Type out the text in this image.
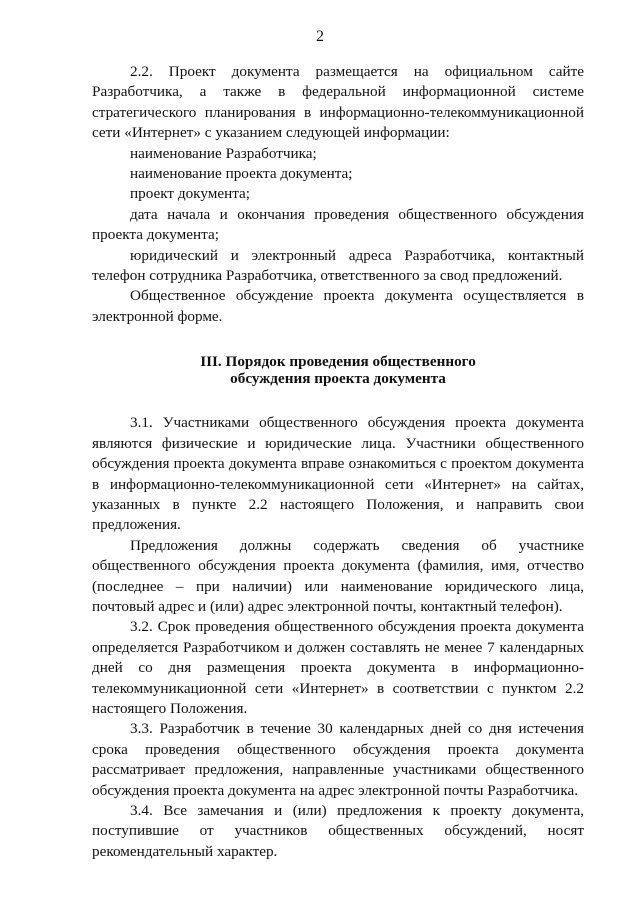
2

2.2. Проект документа размещается на официальном сайте Разработчика, а также в федеральной информационной системе стратегического планирования в информационно-телекоммуникационной сети «Интернет» с указанием следующей информации:

наименование Разработчика;

наименование проекта документа;

проект документа;

дата начала и окончания проведения общественного обсуждения проекта документа;

юридический и электронный адреса Разработчика, контактный телефон сотрудника Разработчика, ответственного за свод предложений.

Общественное обсуждение проекта документа осуществляется в электронной форме.

III. Порядок проведения общественного
обсуждения проекта документа

3.1. Участниками общественного обсуждения проекта документа являются физические и юридические лица. Участники общественного обсуждения проекта документа вправе ознакомиться с проектом документа в информационно-телекоммуникационной сети «Интернет» на сайтах, указанных в пункте 2.2 настоящего Положения, и направить свои предложения.

Предложения должны содержать сведения об участнике общественного обсуждения проекта документа (фамилия, имя, отчество (последнее – при наличии) или наименование юридического лица, почтовый адрес и (или) адрес электронной почты, контактный телефон).

3.2. Срок проведения общественного обсуждения проекта документа определяется Разработчиком и должен составлять не менее 7 календарных дней со дня размещения проекта документа в информационно-телекоммуникационной сети «Интернет» в соответствии с пунктом 2.2 настоящего Положения.

3.3. Разработчик в течение 30 календарных дней со дня истечения срока проведения общественного обсуждения проекта документа рассматривает предложения, направленные участниками общественного обсуждения проекта документа на адрес электронной почты Разработчика.

3.4. Все замечания и (или) предложения к проекту документа, поступившие от участников общественных обсуждений, носят рекомендательный характер.
